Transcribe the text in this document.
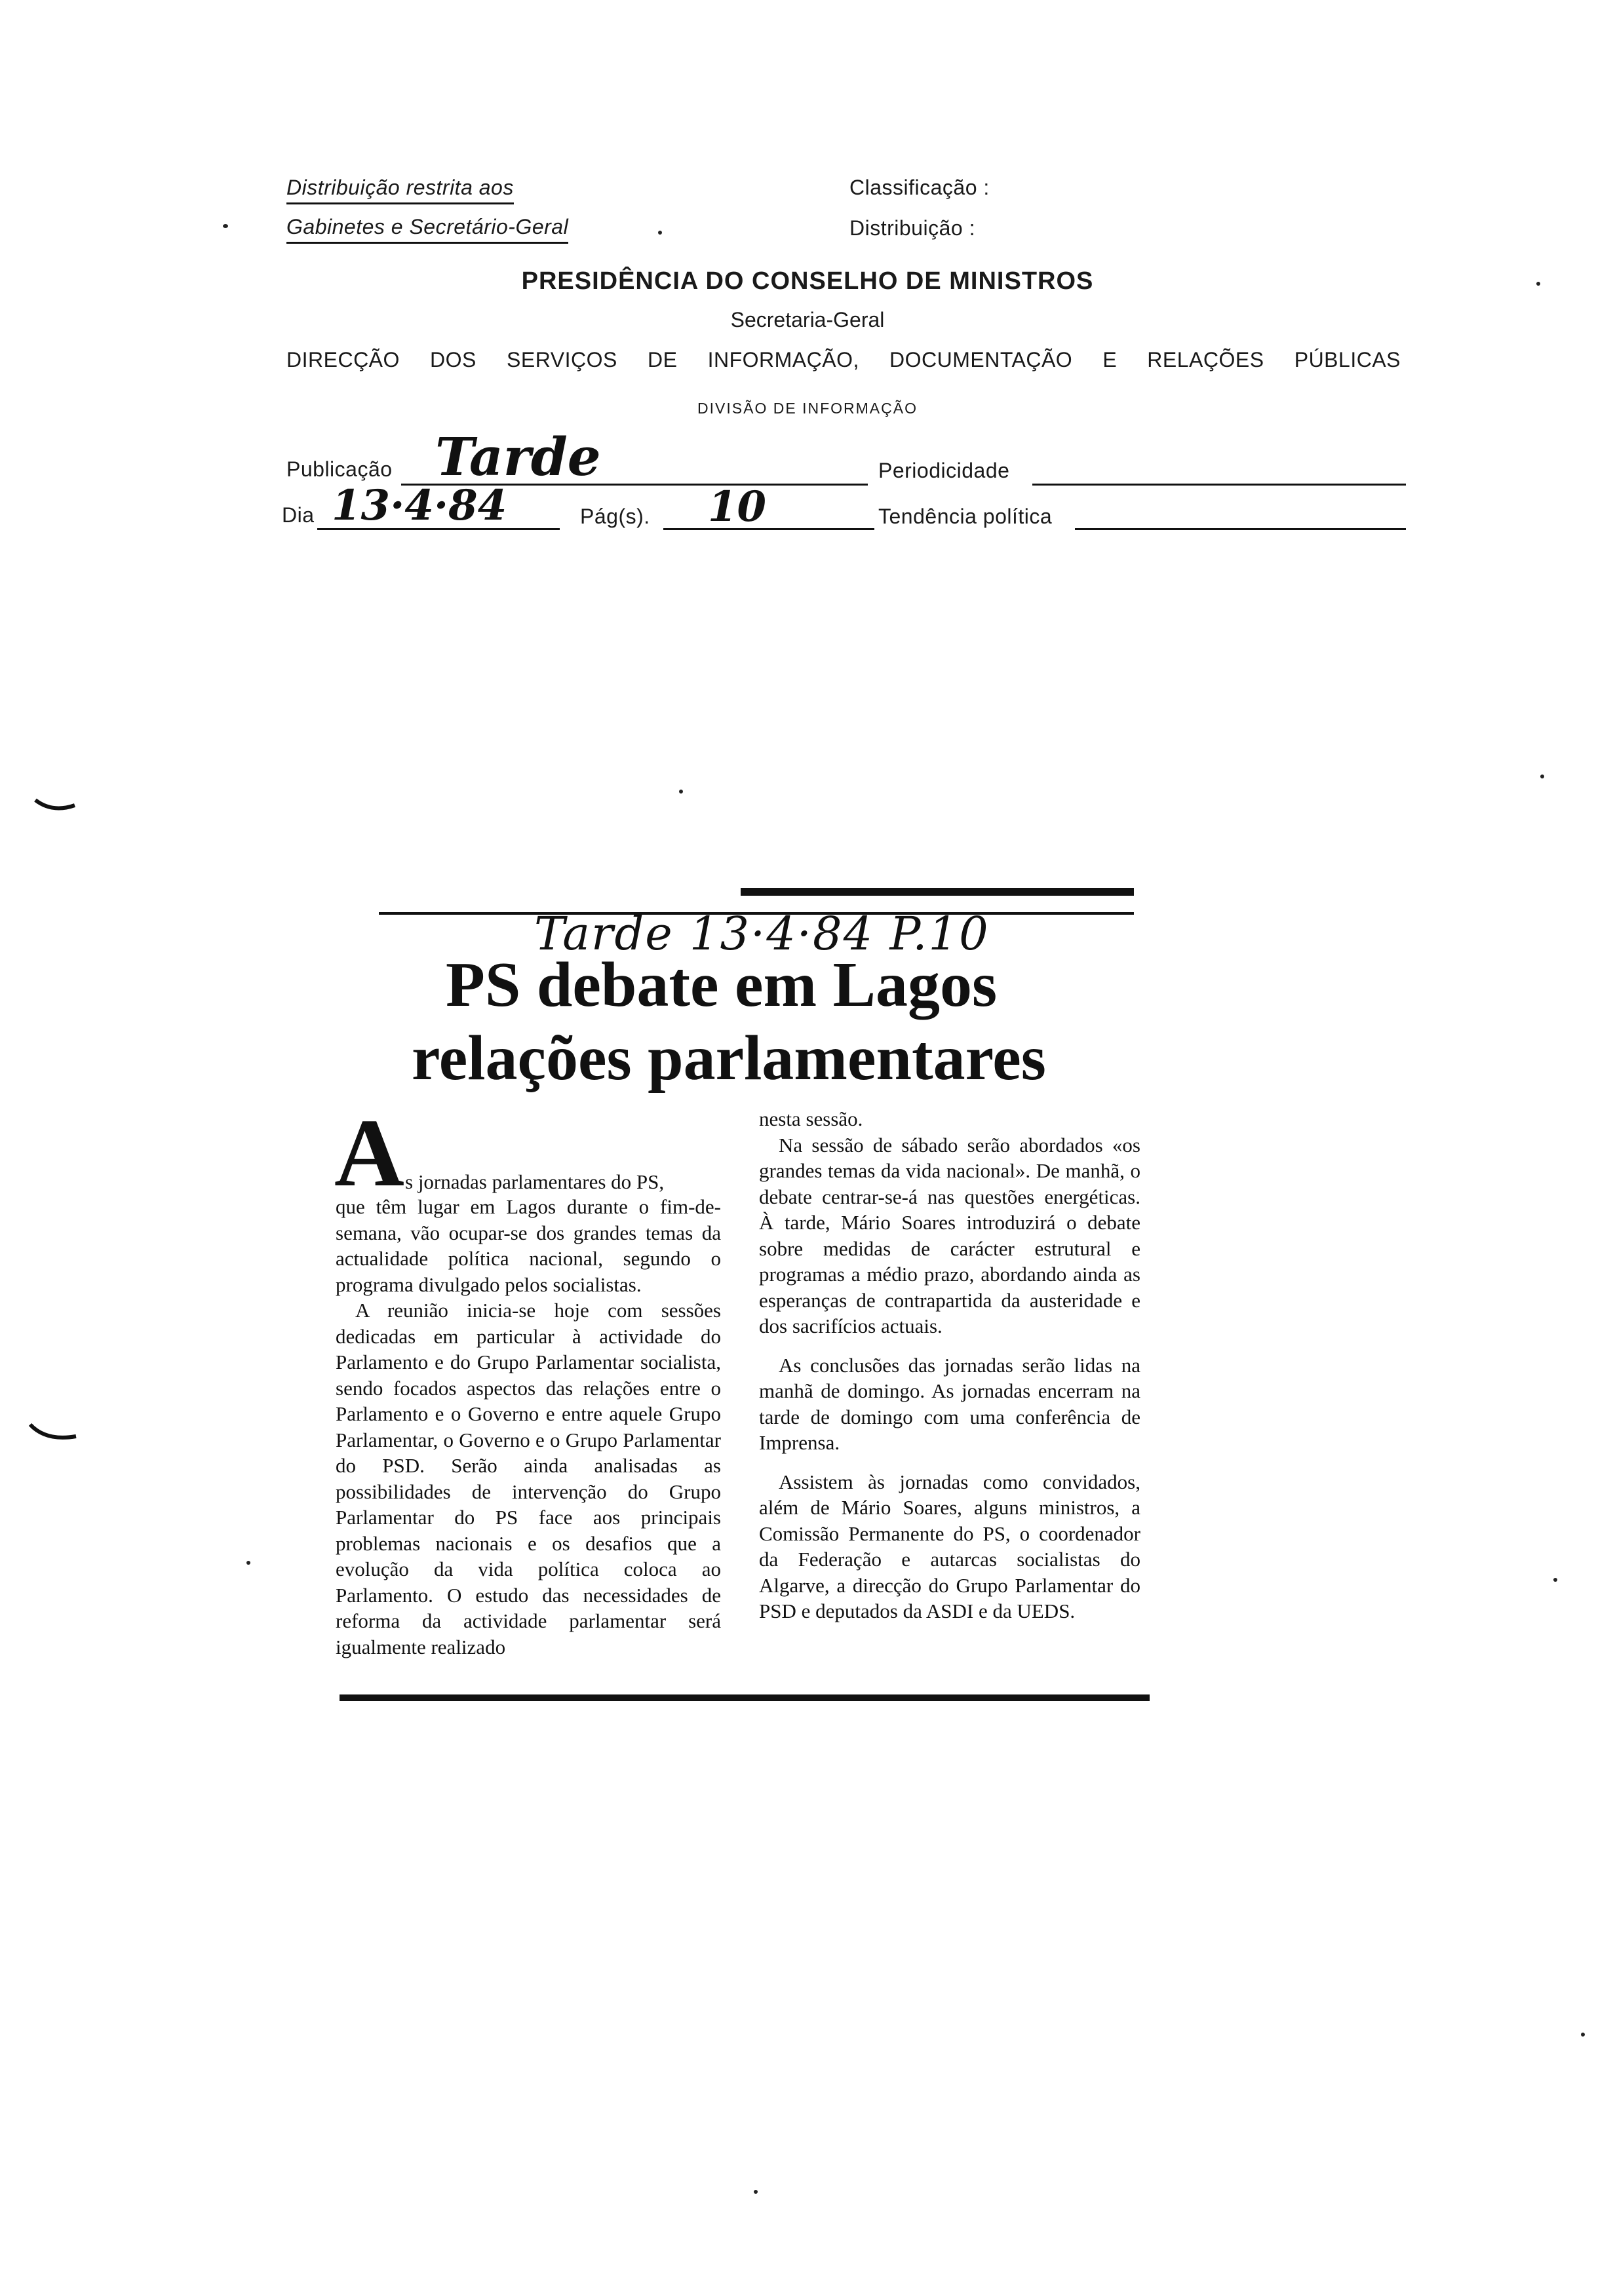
Distribuição restrita aos
Gabinetes e Secretário-Geral
Classificação :
Distribuição :
PRESIDÊNCIA DO CONSELHO DE MINISTROS
Secretaria-Geral
DIRECÇÃO DOS SERVIÇOS DE INFORMAÇÃO, DOCUMENTAÇÃO E RELAÇÕES PÚBLICAS
DIVISÃO DE INFORMAÇÃO
Publicação Tarde	Periodicidade
Dia 13·4·84	Pág(s). 10	Tendência política
Tarde 13·4·84 P.10
PS debate em Lagos
relações parlamentares
A s jornadas parlamentares do PS,

que têm lugar em Lagos durante o fim-de-semana, vão ocupar-se dos grandes temas da actualidade política nacional, segundo o programa divulgado pelos socialistas.

A reunião inicia-se hoje com sessões dedicadas em particular à actividade do Parlamento e do Grupo Parlamentar socialista, sendo focados aspectos das relações entre o Parlamento e o Governo e entre aquele Grupo Parlamentar, o Governo e o Grupo Parlamentar do PSD. Serão ainda analisadas as possibilidades de intervenção do Grupo Parlamentar do PS face aos principais problemas nacionais e os desafios que a evolução da vida política coloca ao Parlamento. O estudo das necessidades de reforma da actividade parlamentar será igualmente realizado

nesta sessão.

Na sessão de sábado serão abordados «os grandes temas da vida nacional». De manhã, o debate centrar-se-á nas questões energéticas. À tarde, Mário Soares introduzirá o debate sobre medidas de carácter estrutural e programas a médio prazo, abordando ainda as esperanças de contrapartida da austeridade e dos sacrifícios actuais.

As conclusões das jornadas serão lidas na manhã de domingo. As jornadas encerram na tarde de domingo com uma conferência de Imprensa.

Assistem às jornadas como convidados, além de Mário Soares, alguns ministros, a Comissão Permanente do PS, o coordenador da Federação e autarcas socialistas do Algarve, a direcção do Grupo Parlamentar do PSD e deputados da ASDI e da UEDS.
